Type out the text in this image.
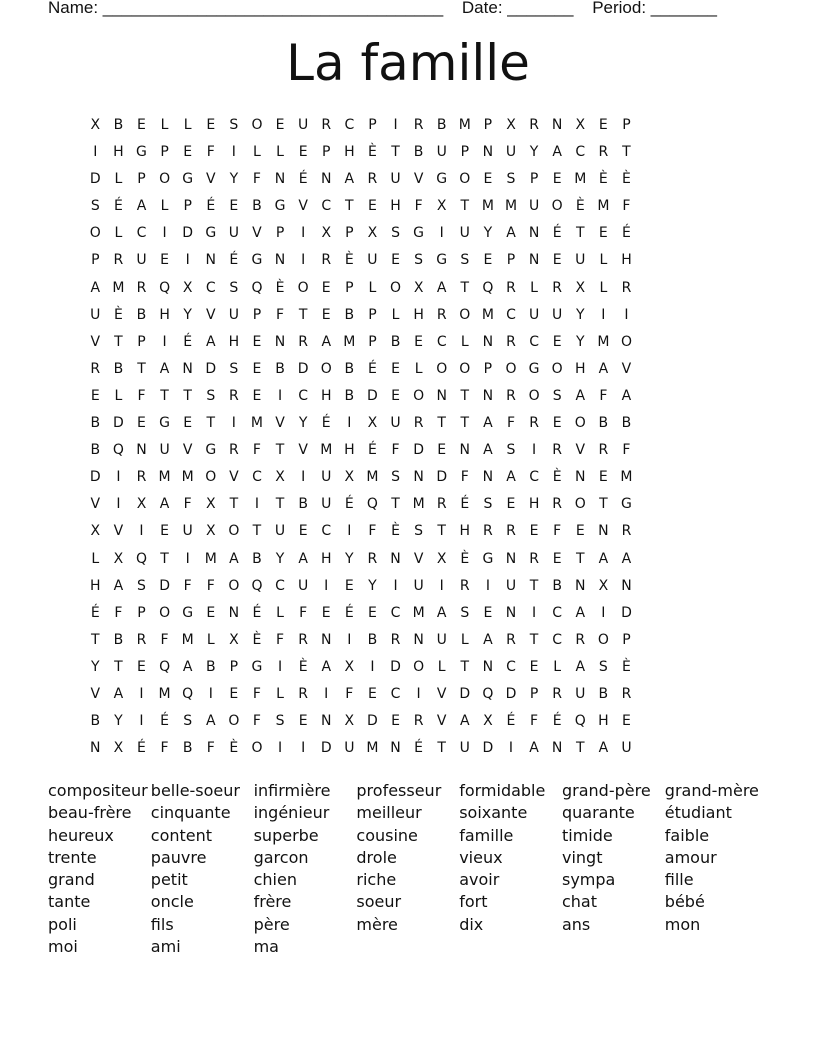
Name: ____________________________________ Date: _______ Period: _______
La famille
X B E	L	L	E S O E U R C P	I	R B M P X R N X E P
I	H G P E	F	I	L	L	E P H È T B U P N U Y A C R T
D L	P O G V Y	F N É N A R U V G O E S P E M È È
S É A L	P É E B G V C T E H F X T M M U O È M F
O L C	I	D G U V P	I	X P X S G	I	U Y A N É T E É
P R U E	I	N É G N	I	R È U E S G S E P N E U L H
A M R Q X C S Q È O E P	L O X A T Q R L R X L R
U È B H Y V U P	F	T E B P	L H R O M C U U Y	I	I
V T	P	I	É A H E N R A M P B E C L N R C E Y M O
R B T A N D S E B D O B É E	L O O P O G O H A V
E	L	F	T	T S R E	I	C H B D E O N T N R O S A F A
B D E G E T	I	M V Y É	I	X U R T	T A F R E O B B
B Q N U V G R F	T V M H É	F D E N A S	I	R V R F
D	I	R M M O V C X	I	U X M S N D F N A C È N E M
V	I	X A F X T	I	T B U É Q T M R É S E H R O T G
X V	I	E U X O T U E C	I	F	È S T H R R E	F	E N R
L X Q T	I	M A B Y A H Y R N V X È G N R E T A A
H A S D F	F O Q C U	I	E Y	I	U	I	R	I	U T B N X N
É	F	P O G E N É	L	F	E É E C M A S E N	I	C A	I	D
T B R F M L X È	F R N	I	B R N U L A R T C R O P
Y	T E Q A B P G	I	È A X	I	D O L	T N C E	L A S È
V A	I	M Q	I	E	F	L R	I	F	E C	I	V D Q D P R U B R
B Y	I	É S A O F	S E N X D E R V A X É	F	É Q H E
N X É	F B F	È O	I	I	D U M N É T U D	I	A N T A U
compositeur belle-soeur infirmière	professeur	formidable	grand-père grand-mère
beau-frère	cinquante	ingénieur	meilleur	soixante	quarante	étudiant
heureux	content	superbe	cousine	famille	timide	faible
trente	pauvre	garcon	drole	vieux	vingt	amour
grand	petit	chien	riche	avoir	sympa	fille
tante	oncle	frère	soeur	fort	chat	bébé
poli	fils	père	mère	dix	ans	mon
moi	ami	ma
